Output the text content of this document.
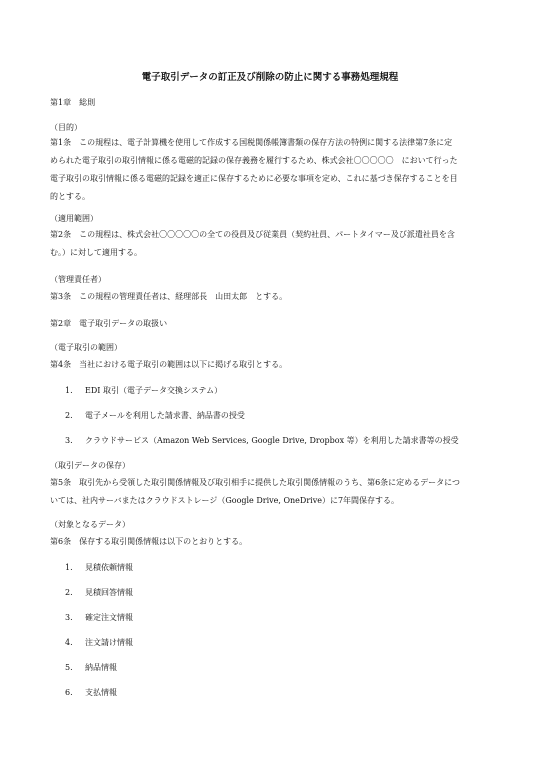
電子取引データの訂正及び削除の防止に関する事務処理規程
第1章　総則
（目的）
第1条　この規程は、電子計算機を使用して作成する国税関係帳簿書類の保存方法の特例に関する法律第7条に定
められた電子取引の取引情報に係る電磁的記録の保存義務を履行するため、株式会社〇〇〇〇〇　において行った
電子取引の取引情報に係る電磁的記録を適正に保存するために必要な事項を定め、これに基づき保存することを目
的とする。
（適用範囲）
第2条　この規程は、株式会社〇〇〇〇〇の全ての役員及び従業員（契約社員、パートタイマー及び派遣社員を含
む。）に対して適用する。
（管理責任者）
第3条　この規程の管理責任者は、経理部長　山田太郎　とする。
第2章　電子取引データの取扱い
（電子取引の範囲）
第4条　当社における電子取引の範囲は以下に掲げる取引とする。
1. EDI 取引（電子データ交換システム）
2. 電子メールを利用した請求書、納品書の授受
3. クラウドサービス（Amazon Web Services, Google Drive, Dropbox 等）を利用した請求書等の授受
（取引データの保存）
第5条　取引先から受領した取引関係情報及び取引相手に提供した取引関係情報のうち、第6条に定めるデータにつ
いては、社内サーバまたはクラウドストレージ（Google Drive, OneDrive）に7年間保存する。
（対象となるデータ）
第6条　保存する取引関係情報は以下のとおりとする。
1. 見積依頼情報
2. 見積回答情報
3. 確定注文情報
4. 注文請け情報
5. 納品情報
6. 支払情報
